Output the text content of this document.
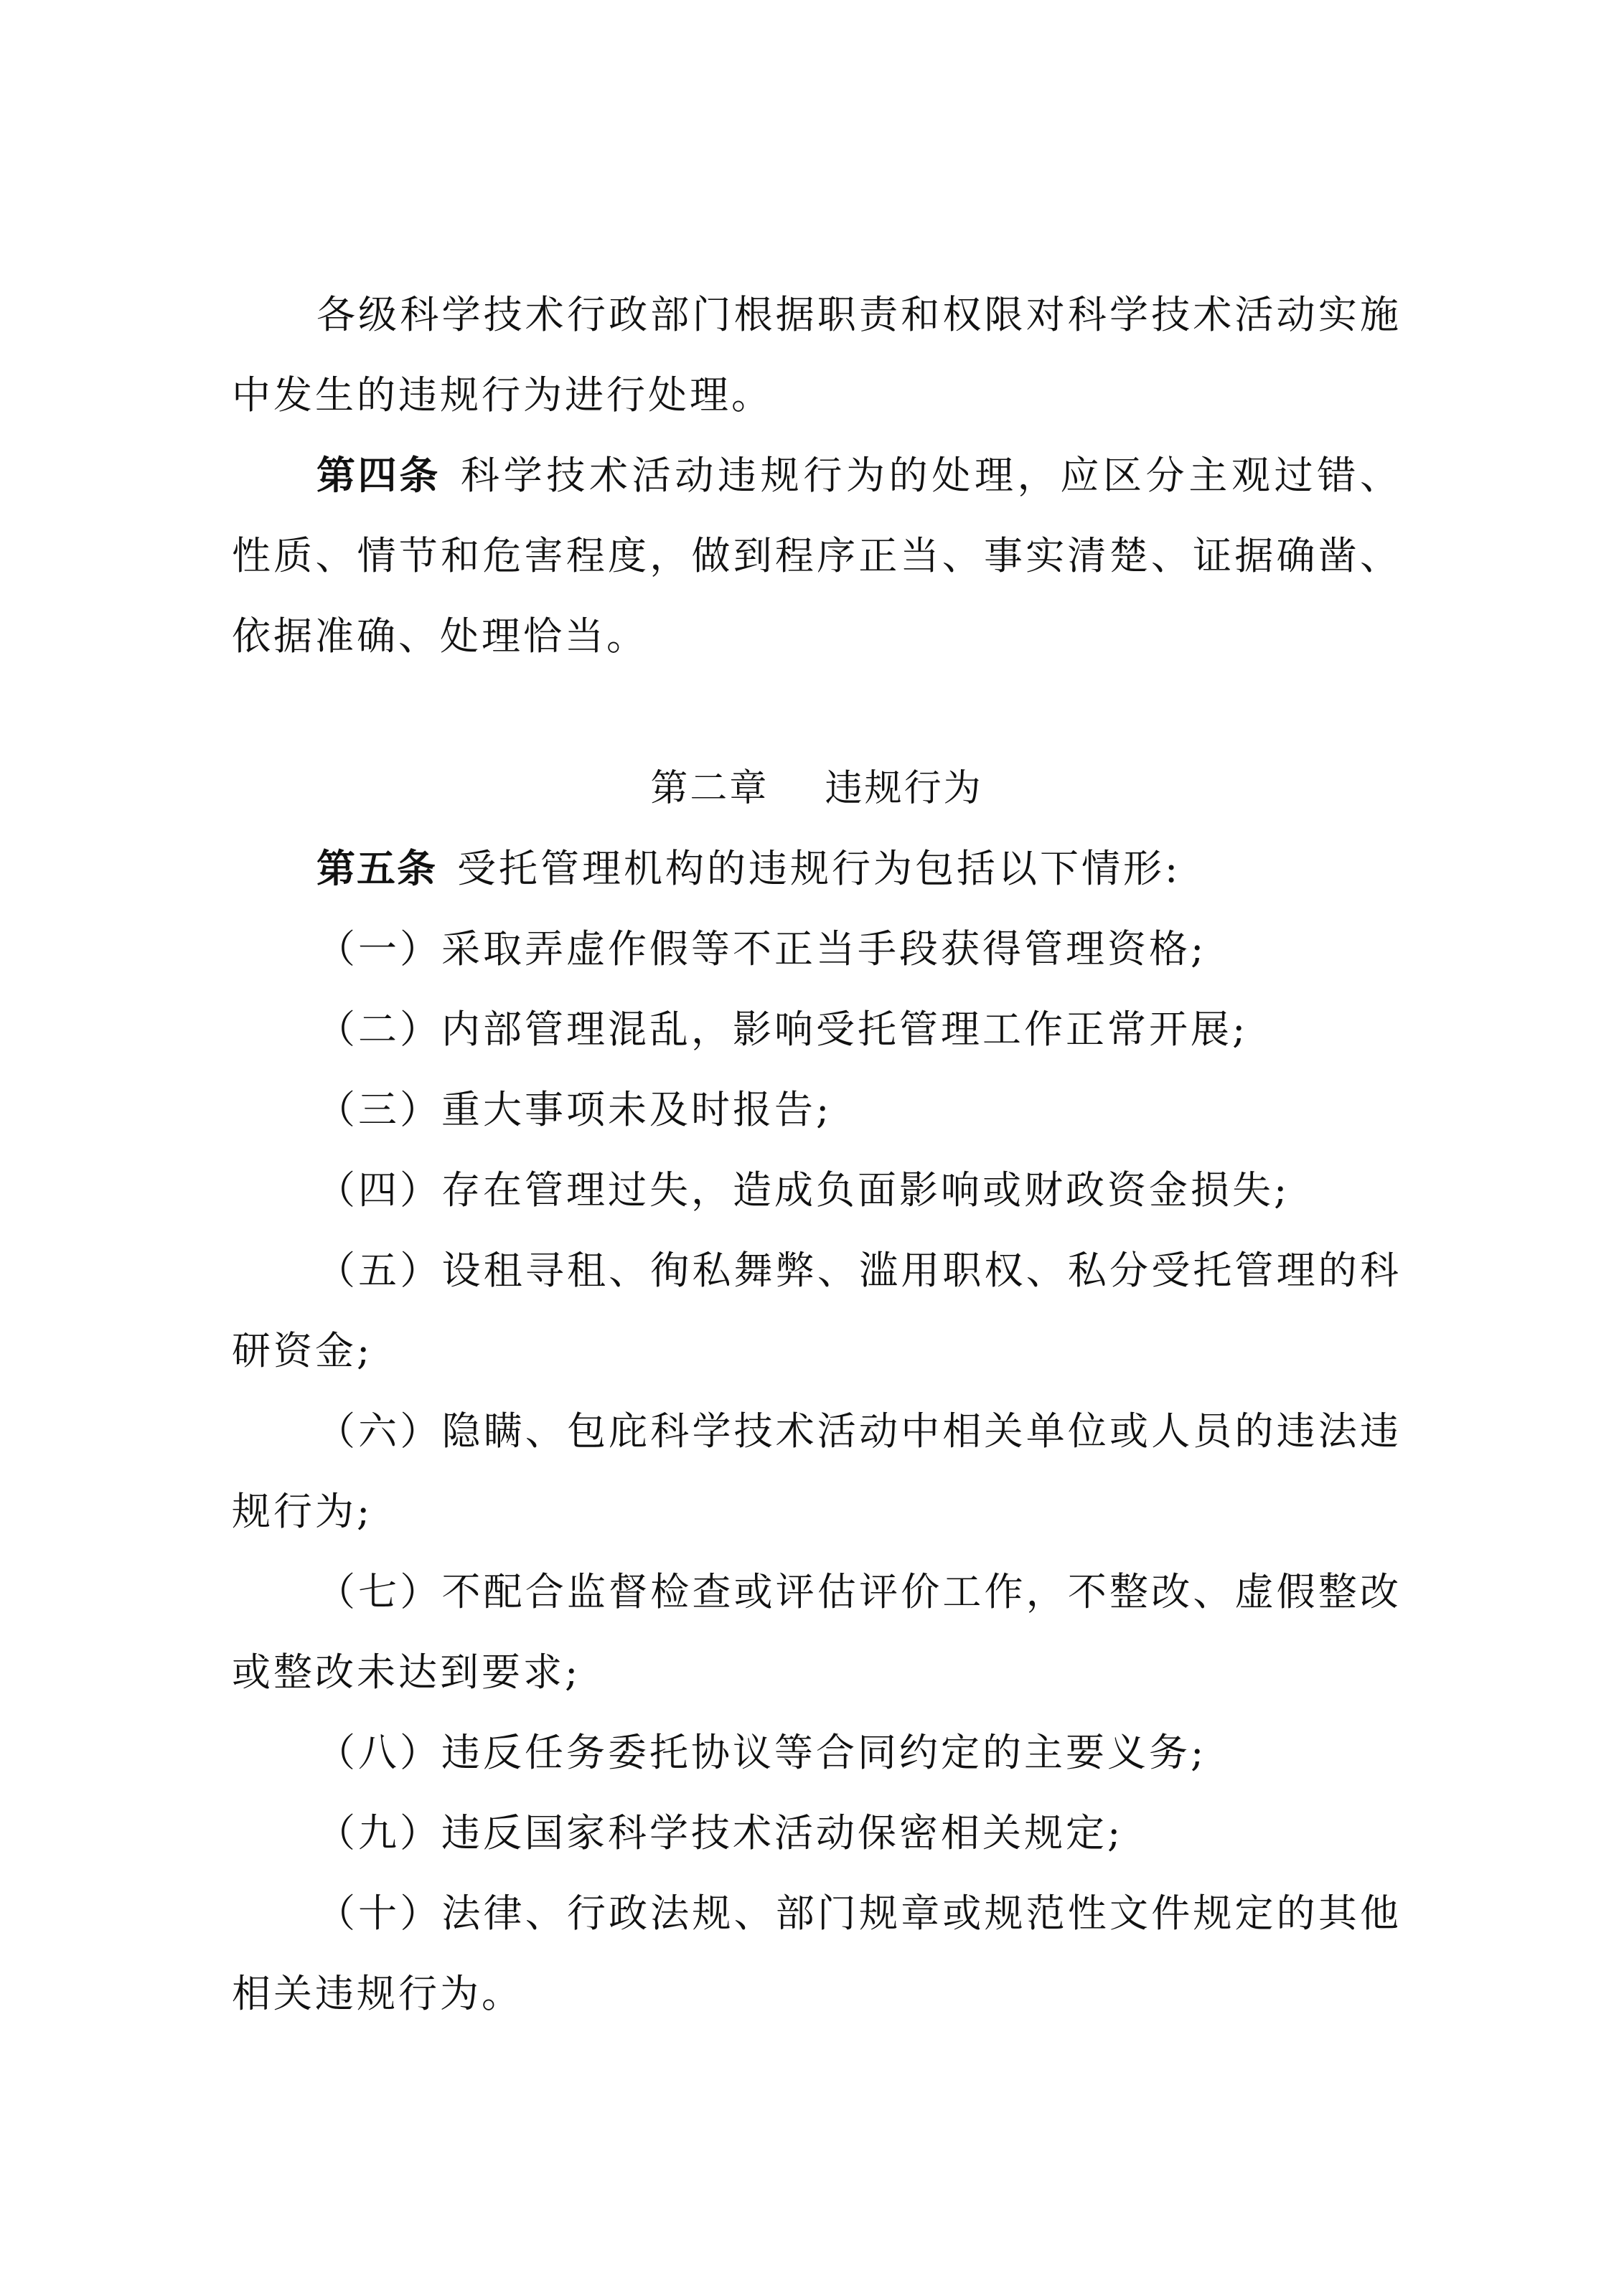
各级科学技术行政部门根据职责和权限对科学技术活动实施中发生的违规行为进行处理。

第四条 科学技术活动违规行为的处理，应区分主观过错、性质、情节和危害程度，做到程序正当、事实清楚、证据确凿、依据准确、处理恰当。

第二章 违规行为

第五条 受托管理机构的违规行为包括以下情形:

（一）采取弄虚作假等不正当手段获得管理资格;

（二）内部管理混乱，影响受托管理工作正常开展;

（三）重大事项未及时报告;

（四）存在管理过失，造成负面影响或财政资金损失;

（五）设租寻租、徇私舞弊、滥用职权、私分受托管理的科研资金;

（六）隐瞒、包庇科学技术活动中相关单位或人员的违法违规行为;

（七）不配合监督检查或评估评价工作，不整改、虚假整改或整改未达到要求;

（八）违反任务委托协议等合同约定的主要义务;

（九）违反国家科学技术活动保密相关规定;

（十）法律、行政法规、部门规章或规范性文件规定的其他相关违规行为。
